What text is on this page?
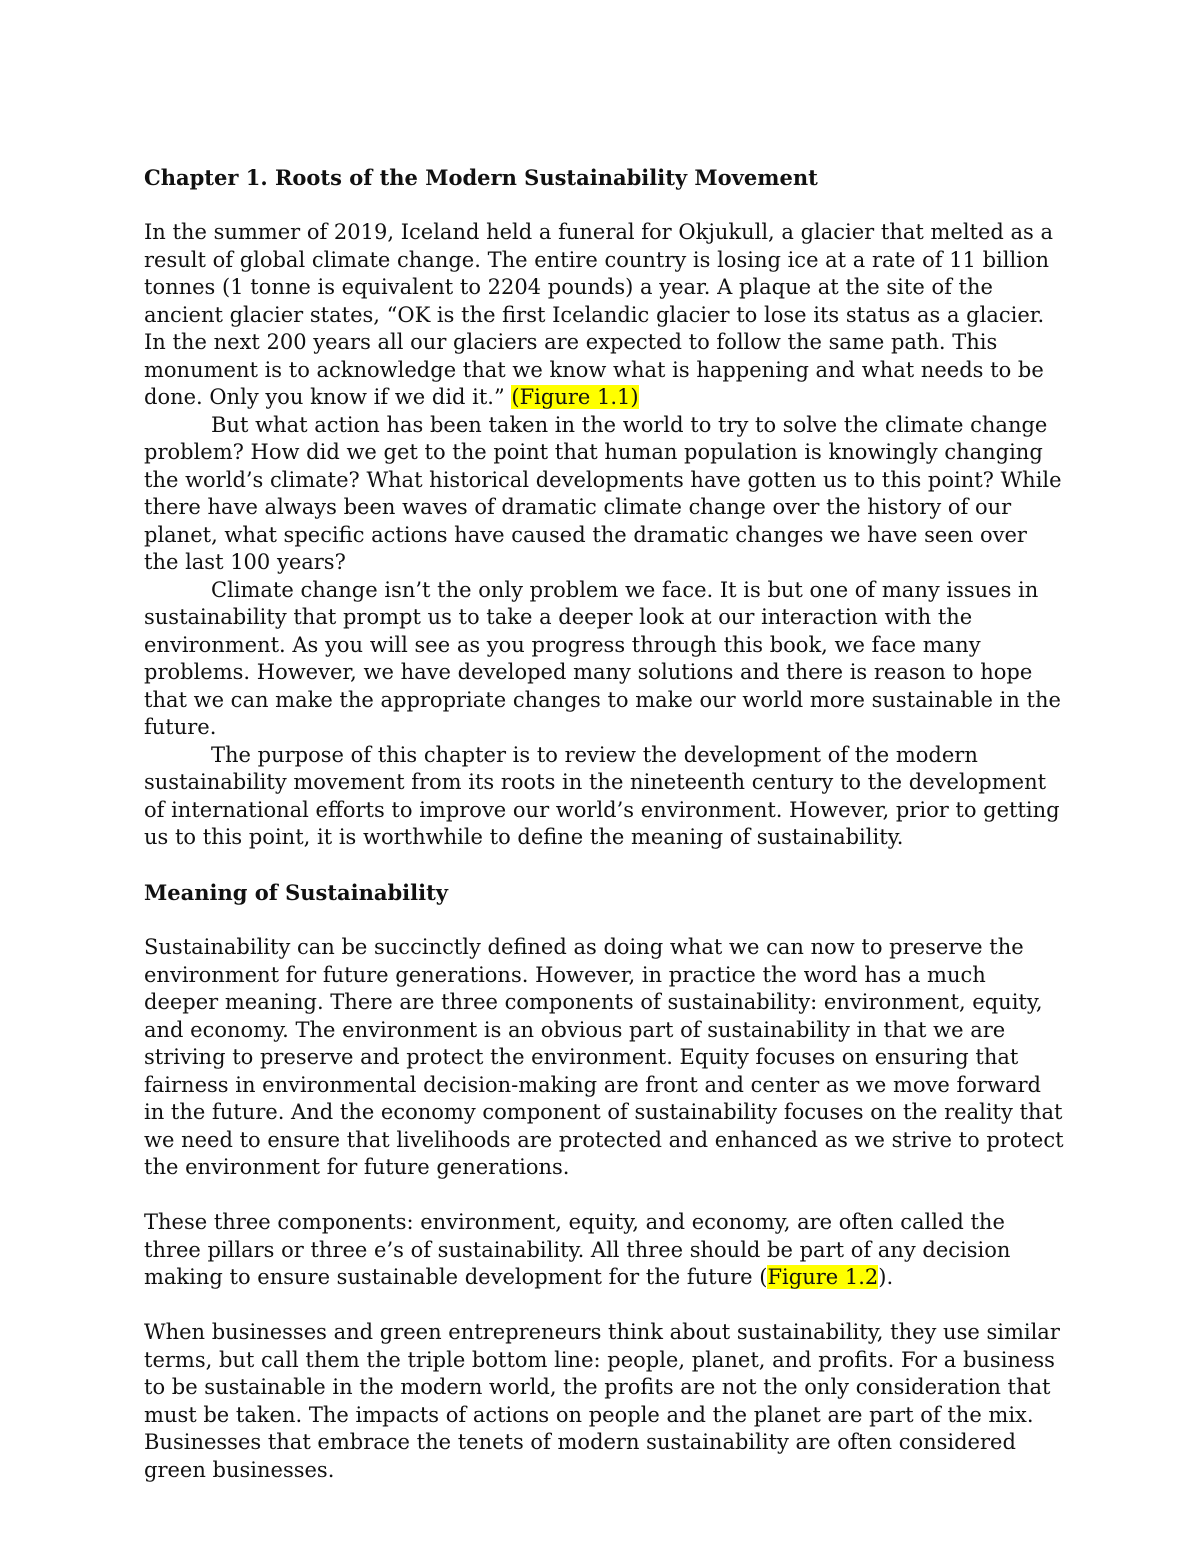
Chapter 1. Roots of the Modern Sustainability Movement

In the summer of 2019, Iceland held a funeral for Okjukull, a glacier that melted as a result of global climate change. The entire country is losing ice at a rate of 11 billion tonnes (1 tonne is equivalent to 2204 pounds) a year. A plaque at the site of the ancient glacier states, “OK is the first Icelandic glacier to lose its status as a glacier. In the next 200 years all our glaciers are expected to follow the same path. This monument is to acknowledge that we know what is happening and what needs to be done. Only you know if we did it.” (Figure 1.1)

But what action has been taken in the world to try to solve the climate change problem? How did we get to the point that human population is knowingly changing the world’s climate? What historical developments have gotten us to this point? While there have always been waves of dramatic climate change over the history of our planet, what specific actions have caused the dramatic changes we have seen over the last 100 years?

Climate change isn’t the only problem we face. It is but one of many issues in sustainability that prompt us to take a deeper look at our interaction with the environment. As you will see as you progress through this book, we face many problems. However, we have developed many solutions and there is reason to hope that we can make the appropriate changes to make our world more sustainable in the future.

The purpose of this chapter is to review the development of the modern sustainability movement from its roots in the nineteenth century to the development of international efforts to improve our world’s environment. However, prior to getting us to this point, it is worthwhile to define the meaning of sustainability.

Meaning of Sustainability

Sustainability can be succinctly defined as doing what we can now to preserve the environment for future generations. However, in practice the word has a much deeper meaning. There are three components of sustainability: environment, equity, and economy. The environment is an obvious part of sustainability in that we are striving to preserve and protect the environment. Equity focuses on ensuring that fairness in environmental decision-making are front and center as we move forward in the future. And the economy component of sustainability focuses on the reality that we need to ensure that livelihoods are protected and enhanced as we strive to protect the environment for future generations.

These three components: environment, equity, and economy, are often called the three pillars or three e’s of sustainability. All three should be part of any decision making to ensure sustainable development for the future (Figure 1.2).

When businesses and green entrepreneurs think about sustainability, they use similar terms, but call them the triple bottom line: people, planet, and profits. For a business to be sustainable in the modern world, the profits are not the only consideration that must be taken. The impacts of actions on people and the planet are part of the mix. Businesses that embrace the tenets of modern sustainability are often considered green businesses.
